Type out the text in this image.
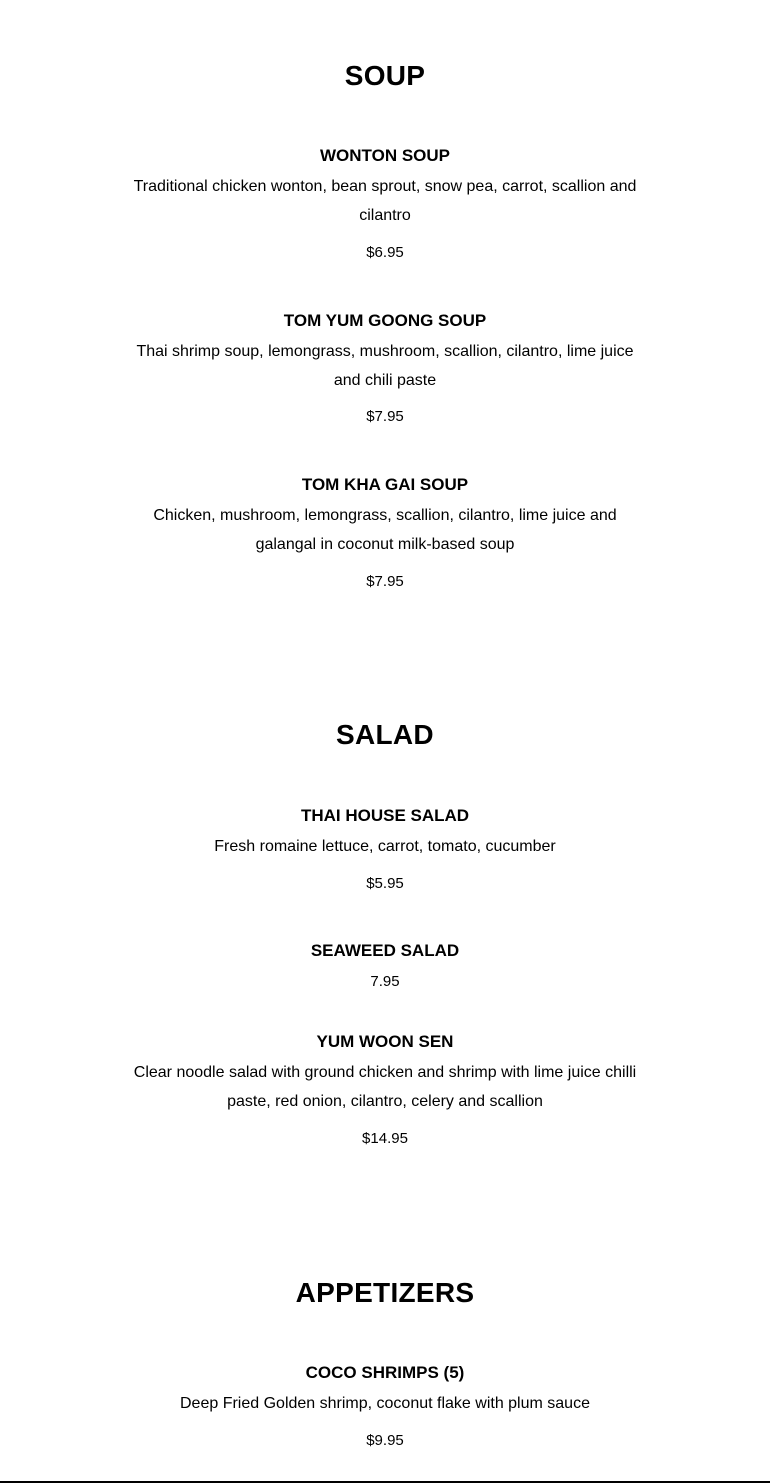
SOUP
WONTON SOUP
Traditional chicken wonton, bean sprout, snow pea, carrot, scallion and cilantro
$6.95
TOM YUM GOONG SOUP
Thai shrimp soup, lemongrass, mushroom, scallion, cilantro, lime juice and chili paste
$7.95
TOM KHA GAI SOUP
Chicken, mushroom, lemongrass, scallion, cilantro, lime juice and galangal in coconut milk-based soup
$7.95
SALAD
THAI HOUSE SALAD
Fresh romaine lettuce, carrot, tomato, cucumber
$5.95
SEAWEED SALAD
7.95
YUM WOON SEN
Clear noodle salad with ground chicken and shrimp with lime juice chilli paste, red onion, cilantro, celery and scallion
$14.95
APPETIZERS
COCO SHRIMPS (5)
Deep Fried Golden shrimp, coconut flake with plum sauce
$9.95
